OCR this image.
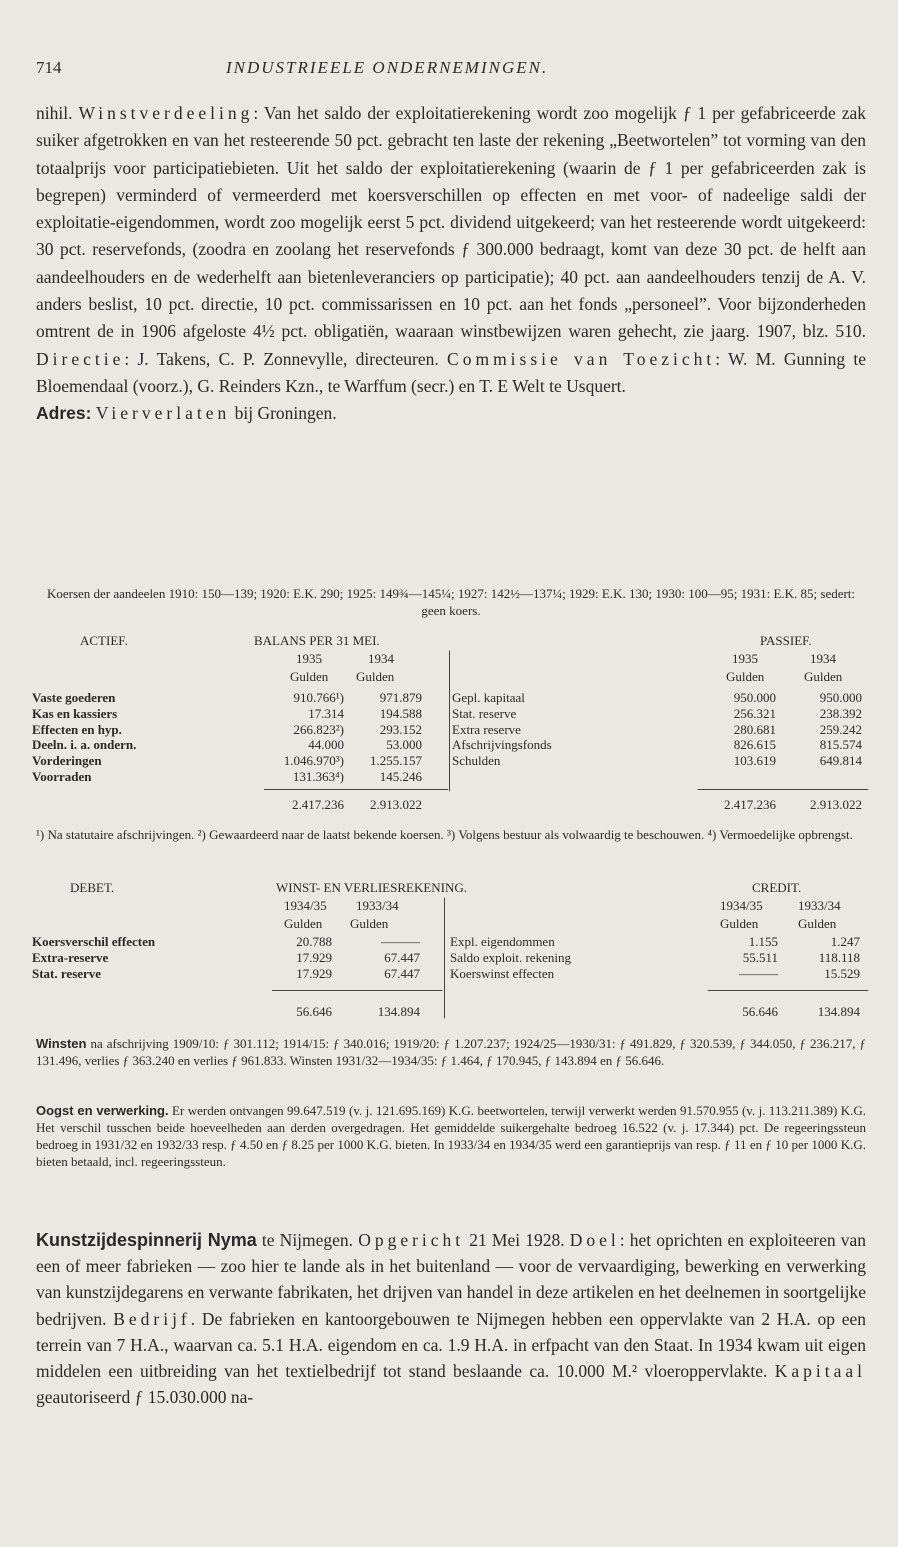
714	INDUSTRIEELE ONDERNEMINGEN.

nihil. Winstverdeeling: Van het saldo der exploitatierekening wordt zoo mogelijk ƒ 1 per gefabriceerde zak suiker afgetrokken en van het resteerende 50 pct. gebracht ten laste der rekening „Beetwortelen” tot vorming van den totaalprijs voor participatiebieten. Uit het saldo der exploitatierekening (waarin de ƒ 1 per gefabriceerden zak is begrepen) verminderd of vermeerderd met koersverschillen op effecten en met voor- of nadeelige saldi der exploitatie-eigendommen, wordt zoo mogelijk eerst 5 pct. dividend uitgekeerd; van het resteerende wordt uitgekeerd: 30 pct. reservefonds, (zoodra en zoolang het reservefonds ƒ 300.000 bedraagt, komt van deze 30 pct. de helft aan aandeelhouders en de wederhelft aan bietenleveranciers op participatie); 40 pct. aan aandeelhouders tenzij de A. V. anders beslist, 10 pct. directie, 10 pct. commissarissen en 10 pct. aan het fonds „personeel”. Voor bijzonderheden omtrent de in 1906 afgeloste 4½ pct. obligatiën, waaraan winstbewijzen waren gehecht, zie jaarg. 1907, blz. 510. Directie: J. Takens, C. P. Zonnevylle, directeuren. Commissie van Toezicht: W. M. Gunning te Bloemendaal (voorz.), G. Reinders Kzn., te Warffum (secr.) en T. E Welt te Usquert.

Adres: Vierverlaten bij Groningen.

Koersen der aandeelen 1910: 150—139; 1920: E.K. 290; 1925: 149¾—145¼; 1927: 142½—137¼; 1929: E.K. 130; 1930: 100—95; 1931: E.K. 85; sedert: geen koers.
ACTIEF.	BALANS PER 31 MEI.	PASSIEF.
1935	1934	1935	1934
Gulden Gulden	Gulden	Gulden
Vaste goederen	910.766¹)	971.879
Kas en kassiers	17.314	194.588
Effecten en hyp.	266.823²)	293.152
Deeln. i. a. ondern.	44.000	53.000
Vorderingen	1.046.970³)	1.255.157
Voorraden	131.363⁴)	145.246
Gepl. kapitaal	950.000	950.000
Stat. reserve	256.321	238.392
Extra reserve	280.681	259.242
Afschrijvingsfonds	826.615	815.574
Schulden	103.619	649.814
2.417.236	2.913.022	2.417.236	2.913.022
¹) Na statutaire afschrijvingen. ²) Gewaardeerd naar de laatst bekende koersen. ³) Volgens bestuur als volwaardig te beschouwen. ⁴) Vermoedelijke opbrengst.
DEBET.	WINST- EN VERLIESREKENING.	CREDIT.
1934/35 1933/34	1934/35	1933/34
Gulden Gulden	Gulden	Gulden
Koersverschil effecten	20.788	———
Extra-reserve	17.929	67.447
Stat. reserve	17.929	67.447
Expl. eigendommen	1.155	1.247
Saldo exploit. rekening	55.511	118.118
Koerswinst effecten	———	15.529
56.646	134.894	56.646	134.894
Winsten na afschrijving 1909/10: ƒ 301.112; 1914/15: ƒ 340.016; 1919/20: ƒ 1.207.237; 1924/25—1930/31: ƒ 491.829, ƒ 320.539, ƒ 344.050, ƒ 236.217, ƒ 131.496, verlies ƒ 363.240 en verlies ƒ 961.833. Winsten 1931/32—1934/35: ƒ 1.464, ƒ 170.945, ƒ 143.894 en ƒ 56.646.
Oogst en verwerking. Er werden ontvangen 99.647.519 (v. j. 121.695.169) K.G. beetwortelen, terwijl verwerkt werden 91.570.955 (v. j. 113.211.389) K.G. Het verschil tusschen beide hoeveelheden aan derden overgedragen. Het gemiddelde suikergehalte bedroeg 16.522 (v. j. 17.344) pct. De regeeringssteun bedroeg in 1931/32 en 1932/33 resp. ƒ 4.50 en ƒ 8.25 per 1000 K.G. bieten. In 1933/34 en 1934/35 werd een garantieprijs van resp. ƒ 11 en ƒ 10 per 1000 K.G. bieten betaald, incl. regeeringssteun.

Kunstzijdespinnerij Nyma te Nijmegen. Opgericht 21 Mei 1928. Doel: het oprichten en exploiteeren van een of meer fabrieken — zoo hier te lande als in het buitenland — voor de vervaardiging, bewerking en verwerking van kunstzijdegarens en verwante fabrikaten, het drijven van handel in deze artikelen en het deelnemen in soortgelijke bedrijven. Bedrijf. De fabrieken en kantoorgebouwen te Nijmegen hebben een oppervlakte van 2 H.A. op een terrein van 7 H.A., waarvan ca. 5.1 H.A. eigendom en ca. 1.9 H.A. in erfpacht van den Staat. In 1934 kwam uit eigen middelen een uitbreiding van het textielbedrijf tot stand beslaande ca. 10.000 M.² vloeroppervlakte. Kapitaal geautoriseerd ƒ 15.030.000 na-
